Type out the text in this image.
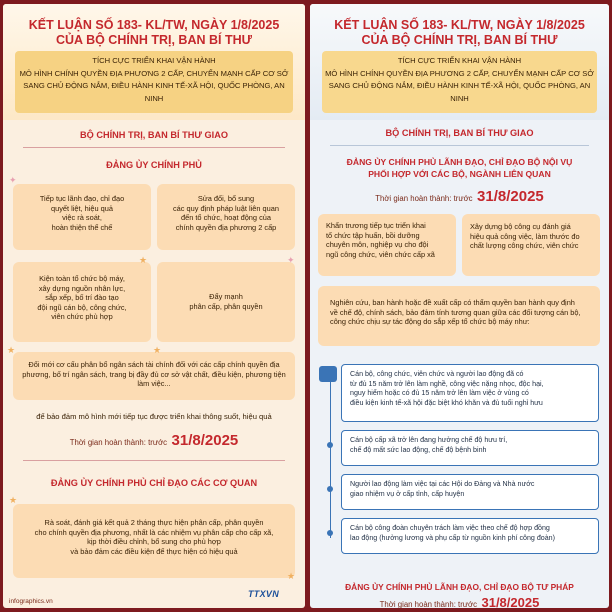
KẾT LUẬN SỐ 183- KL/TW, NGÀY 1/8/2025
CỦA BỘ CHÍNH TRỊ, BAN BÍ THƯ
TÍCH CỰC TRIỂN KHAI VẬN HÀNH
MÔ HÌNH CHÍNH QUYỀN ĐỊA PHƯƠNG 2 CẤP, CHUYỂN MẠNH CẤP CƠ SỞ
SANG CHỦ ĐỘNG NẮM, ĐIỀU HÀNH KINH TẾ-XÃ HỘI, QUỐC PHÒNG, AN NINH
BỘ CHÍNH TRỊ, BAN BÍ THƯ GIAO
ĐẢNG ỦY CHÍNH PHỦ
Tiếp tục lãnh đạo, chỉ đạo
quyết liệt, hiệu quả
việc rà soát,
hoàn thiện thể chế
Sửa đổi, bổ sung
các quy định pháp luật liên quan
đến tổ chức, hoạt động của
chính quyền địa phương 2 cấp
Kiện toàn tổ chức bộ máy,
xây dựng nguồn nhân lực,
sắp xếp, bố trí đào tạo
đội ngũ cán bộ, công chức,
viên chức phù hợp
Đẩy mạnh
phân cấp, phân quyền
Đổi mới cơ cấu phân bổ ngân sách tài chính đối với các cấp chính quyền địa
phương, bố trí ngân sách, trang bị đầy đủ cơ sở vật chất, điều kiện, phương tiện
làm việc...
để bảo đảm mô hình mới tiếp tục được triển khai thông suốt, hiệu quả
Thời gian hoàn thành: trước 31/8/2025
ĐẢNG ỦY CHÍNH PHỦ CHỈ ĐẠO CÁC CƠ QUAN
Rà soát, đánh giá kết quả 2 tháng thực hiện phân cấp, phân quyền
cho chính quyền địa phương, nhất là các nhiệm vụ phân cấp cho cấp xã,
kịp thời điều chỉnh, bổ sung cho phù hợp
và bảo đảm các điều kiện để thực hiện có hiệu quả
infographics.vn
✦
★	✦
★	★
★
★
KẾT LUẬN SỐ 183- KL/TW, NGÀY 1/8/2025
CỦA BỘ CHÍNH TRỊ, BAN BÍ THƯ
TÍCH CỰC TRIỂN KHAI VẬN HÀNH
MÔ HÌNH CHÍNH QUYỀN ĐỊA PHƯƠNG 2 CẤP, CHUYỂN MẠNH CẤP CƠ SỞ
SANG CHỦ ĐỘNG NẮM, ĐIỀU HÀNH KINH TẾ-XÃ HỘI, QUỐC PHÒNG, AN NINH
BỘ CHÍNH TRỊ, BAN BÍ THƯ GIAO
ĐẢNG ỦY CHÍNH PHỦ LÃNH ĐẠO, CHỈ ĐẠO BỘ NỘI VỤ
PHỐI HỢP VỚI CÁC BỘ, NGÀNH LIÊN QUAN
Thời gian hoàn thành: trước 31/8/2025
Khẩn trương tiếp tục triển khai
tổ chức tập huấn, bồi dưỡng
chuyên môn, nghiệp vụ cho đội
ngũ công chức, viên chức cấp xã
Xây dựng bộ công cụ đánh giá
hiệu quả công việc, làm thước đo
chất lượng công chức, viên chức
Nghiên cứu, ban hành hoặc đề xuất cấp có thẩm quyền ban hành quy định
về chế độ, chính sách, bảo đảm tính tương quan giữa các đối tượng cán bộ,
công chức chịu sự tác động do sắp xếp tổ chức bộ máy như:
Cán bộ, công chức, viên chức và người lao động đã có
từ đủ 15 năm trở lên làm nghề, công việc nặng nhọc, độc hại,
nguy hiểm hoặc có đủ 15 năm trở lên làm việc ở vùng có
điều kiện kinh tế-xã hội đặc biệt khó khăn và đủ tuổi nghỉ hưu
Cán bộ cấp xã trở lên đang hưởng chế độ hưu trí,
chế độ mất sức lao động, chế độ bệnh binh
Người lao động làm việc tại các Hội do Đảng và Nhà nước
giao nhiệm vụ ở cấp tỉnh, cấp huyện
Cán bộ công đoàn chuyên trách làm việc theo chế độ hợp đồng
lao động (hưởng lương và phụ cấp từ nguồn kinh phí công đoàn)
ĐẢNG ỦY CHÍNH PHỦ LÃNH ĐẠO, CHỈ ĐẠO BỘ TƯ PHÁP
Thời gian hoàn thành: trước 31/8/2025
TTXVN
